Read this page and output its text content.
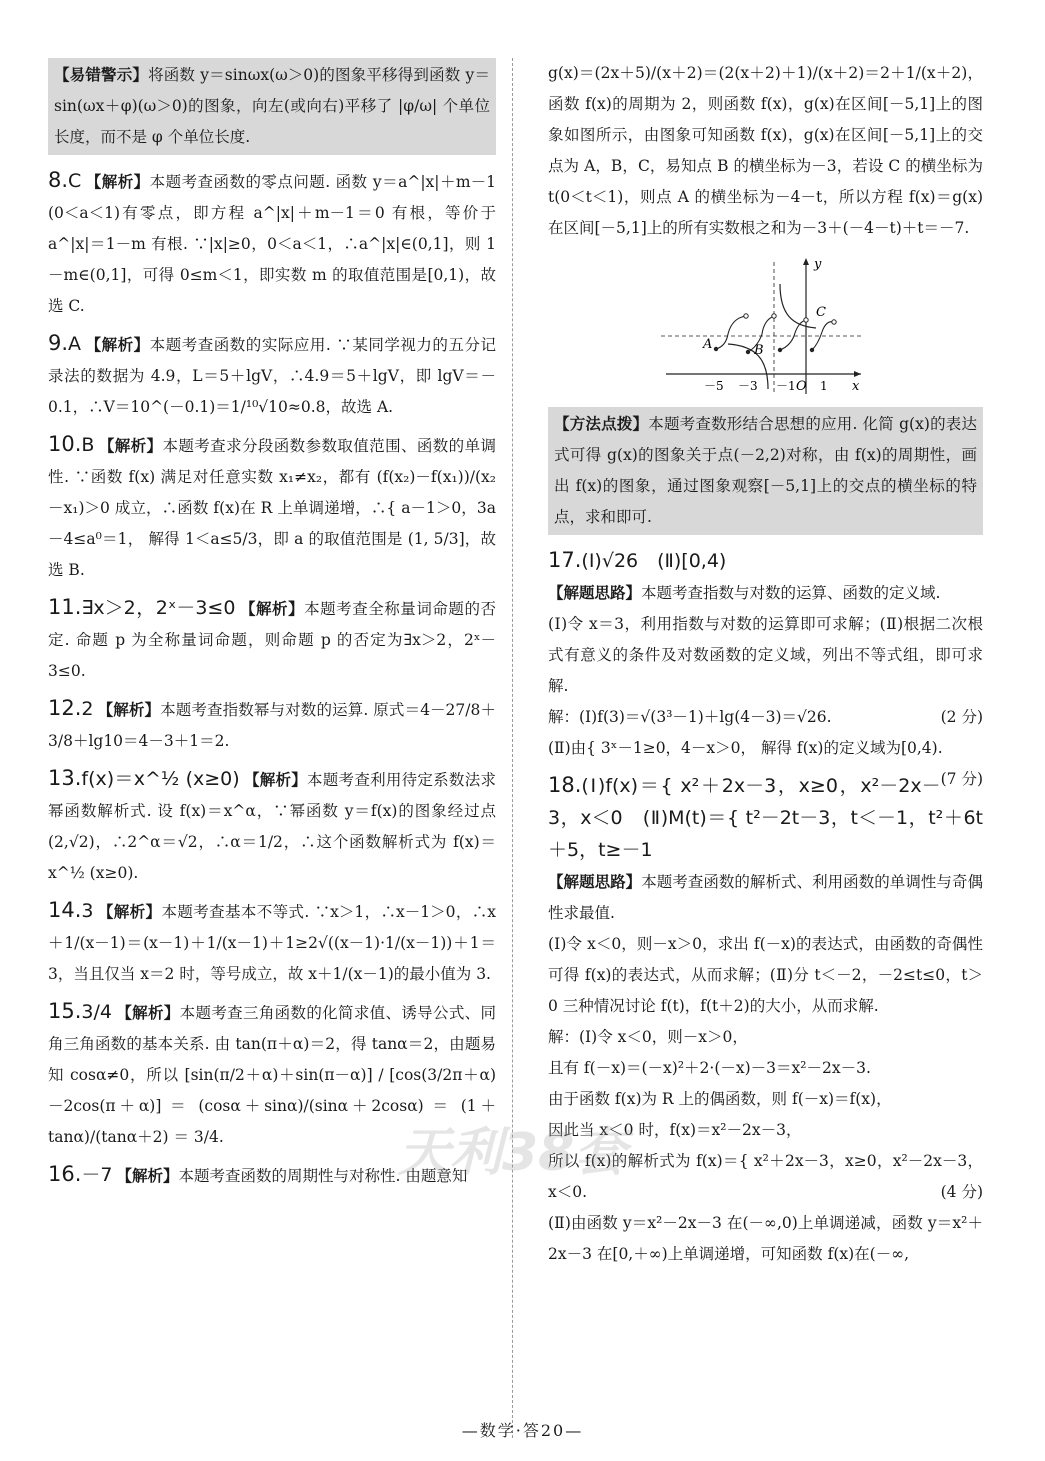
【易错警示】将函数 y＝sinωx(ω＞0)的图象平移得到函数 y＝sin(ωx＋φ)(ω＞0)的图象，向左(或向右)平移了 |φ/ω| 个单位长度，而不是 φ 个单位长度.

8.C 【解析】本题考查函数的零点问题. 函数 y＝a^|x|＋m－1 (0＜a＜1)有零点，即方程 a^|x|＋m－1＝0 有根，等价于 a^|x|＝1－m 有根. ∵|x|≥0，0＜a＜1，∴a^|x|∈(0,1]，则 1－m∈(0,1]，可得 0≤m＜1，即实数 m 的取值范围是[0,1)，故选 C.

9.A 【解析】本题考查函数的实际应用. ∵某同学视力的五分记录法的数据为 4.9，L＝5＋lgV，∴4.9＝5＋lgV，即 lgV＝－0.1，∴V＝10^(－0.1)＝1/¹⁰√10≈0.8，故选 A.

10.B 【解析】本题考查求分段函数参数取值范围、函数的单调性. ∵函数 f(x) 满足对任意实数 x₁≠x₂，都有 (f(x₂)－f(x₁))/(x₂－x₁)＞0 成立，∴函数 f(x)在 R 上单调递增，∴{ a－1＞0，3a－4≤a⁰＝1， 解得 1＜a≤5/3，即 a 的取值范围是 (1, 5/3]，故选 B.

11.∃x＞2，2ˣ－3≤0 【解析】本题考查全称量词命题的否定. 命题 p 为全称量词命题，则命题 p 的否定为∃x＞2，2ˣ－3≤0.

12.2 【解析】本题考查指数幂与对数的运算. 原式＝4－27/8＋3/8＋lg10＝4－3＋1＝2.

13.f(x)＝x^½ (x≥0) 【解析】本题考查利用待定系数法求幂函数解析式. 设 f(x)＝x^α，∵幂函数 y＝f(x)的图象经过点(2,√2)，∴2^α＝√2，∴α＝1/2，∴这个函数解析式为 f(x)＝x^½ (x≥0).

14.3 【解析】本题考查基本不等式. ∵x＞1，∴x－1＞0，∴x＋1/(x－1)＝(x－1)＋1/(x－1)＋1≥2√((x－1)·1/(x－1))＋1＝3，当且仅当 x＝2 时，等号成立，故 x＋1/(x－1)的最小值为 3.

15.3/4 【解析】本题考查三角函数的化简求值、诱导公式、同角三角函数的基本关系. 由 tan(π＋α)＝2，得 tanα＝2，由题易知 cosα≠0，所以 [sin(π/2＋α)＋sin(π－α)] / [cos(3/2π＋α)－2cos(π＋α)] ＝ (cosα＋sinα)/(sinα＋2cosα) ＝ (1＋tanα)/(tanα＋2) ＝ 3/4.

16.－7 【解析】本题考查函数的周期性与对称性. 由题意知

g(x)＝(2x＋5)/(x＋2)＝(2(x＋2)＋1)/(x＋2)＝2＋1/(x＋2)，函数 f(x)的周期为 2，则函数 f(x)，g(x)在区间[－5,1]上的图象如图所示，由图象可知函数 f(x)，g(x)在区间[－5,1]上的交点为 A，B，C，易知点 B 的横坐标为－3，若设 C 的横坐标为 t(0＜t＜1)，则点 A 的横坐标为－4－t，所以方程 f(x)＝g(x)在区间[－5,1]上的所有实数根之和为－3＋(－4－t)＋t＝－7.

A	B
C
y
x
O
－5 －3 －1 1

【方法点拨】本题考查数形结合思想的应用. 化简 g(x)的表达式可得 g(x)的图象关于点(－2,2)对称，由 f(x)的周期性，画出 f(x)的图象，通过图象观察[－5,1]上的交点的横坐标的特点，求和即可.

17.(Ⅰ)√26　(Ⅱ)[0,4)

【解题思路】本题考查指数与对数的运算、函数的定义域.

(Ⅰ)令 x＝3，利用指数与对数的运算即可求解；(Ⅱ)根据二次根式有意义的条件及对数函数的定义域，列出不等式组，即可求解.

解：(Ⅰ)f(3)＝√(3³－1)＋lg(4－3)＝√26.	(2 分)

(Ⅱ)由{ 3ˣ－1≥0，4－x＞0， 解得 f(x)的定义域为[0,4).
(7 分)

18.(Ⅰ)f(x)＝{ x²＋2x－3，x≥0，x²－2x－3，x＜0　(Ⅱ)M(t)＝{ t²－2t－3，t＜－1，t²＋6t＋5，t≥－1

【解题思路】本题考查函数的解析式、利用函数的单调性与奇偶性求最值.

(Ⅰ)令 x＜0，则－x＞0，求出 f(－x)的表达式，由函数的奇偶性可得 f(x)的表达式，从而求解；(Ⅱ)分 t＜－2，－2≤t≤0，t＞0 三种情况讨论 f(t)，f(t＋2)的大小，从而求解.

解：(Ⅰ)令 x＜0，则－x＞0，

且有 f(－x)＝(－x)²＋2·(－x)－3＝x²－2x－3.

由于函数 f(x)为 R 上的偶函数，则 f(－x)＝f(x)，

因此当 x＜0 时，f(x)＝x²－2x－3，

所以 f(x)的解析式为 f(x)＝{ x²＋2x－3，x≥0，x²－2x－3，x＜0.	(4 分)

(Ⅱ)由函数 y＝x²－2x－3 在(－∞,0)上单调递减，函数 y＝x²＋2x－3 在[0,＋∞)上单调递增，可知函数 f(x)在(－∞,

天利38套
—数学·答20—
